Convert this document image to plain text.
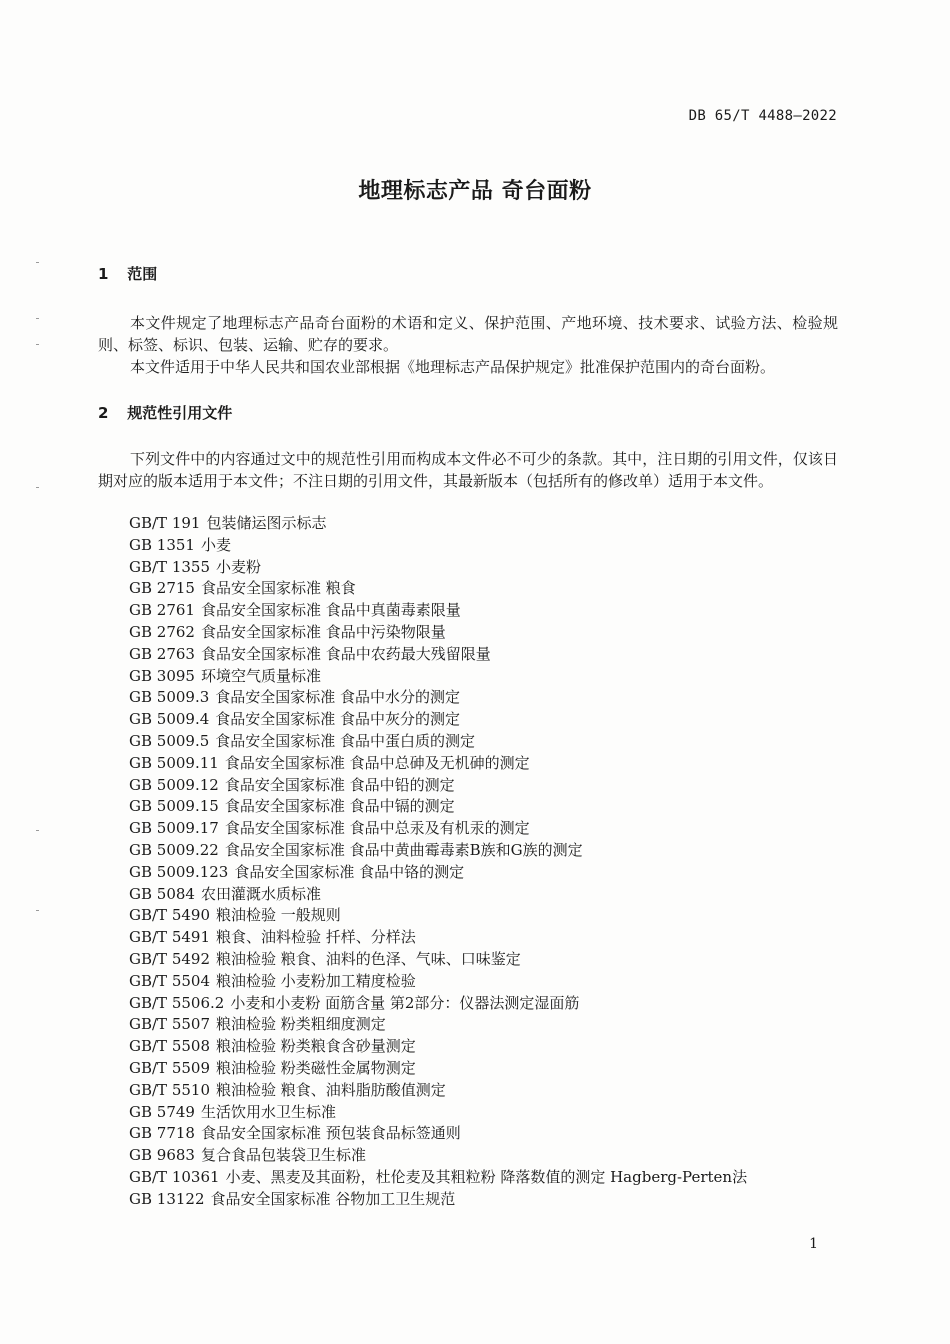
DB 65/T 4488—2022
地理标志产品 奇台面粉
1 范围

本文件规定了地理标志产品奇台面粉的术语和定义、保护范围、产地环境、技术要求、试验方法、检验规则、标签、标识、包装、运输、贮存的要求。

本文件适用于中华人民共和国农业部根据《地理标志产品保护规定》批准保护范围内的奇台面粉。

2 规范性引用文件

下列文件中的内容通过文中的规范性引用而构成本文件必不可少的条款。其中，注日期的引用文件，仅该日期对应的版本适用于本文件；不注日期的引用文件，其最新版本（包括所有的修改单）适用于本文件。

GB/T 191 包装储运图示标志
GB 1351 小麦
GB/T 1355 小麦粉
GB 2715 食品安全国家标准 粮食
GB 2761 食品安全国家标准 食品中真菌毒素限量
GB 2762 食品安全国家标准 食品中污染物限量
GB 2763 食品安全国家标准 食品中农药最大残留限量
GB 3095 环境空气质量标准
GB 5009.3 食品安全国家标准 食品中水分的测定
GB 5009.4 食品安全国家标准 食品中灰分的测定
GB 5009.5 食品安全国家标准 食品中蛋白质的测定
GB 5009.11 食品安全国家标准 食品中总砷及无机砷的测定
GB 5009.12 食品安全国家标准 食品中铅的测定
GB 5009.15 食品安全国家标准 食品中镉的测定
GB 5009.17 食品安全国家标准 食品中总汞及有机汞的测定
GB 5009.22 食品安全国家标准 食品中黄曲霉毒素B族和G族的测定
GB 5009.123 食品安全国家标准 食品中铬的测定
GB 5084 农田灌溉水质标准
GB/T 5490 粮油检验 一般规则
GB/T 5491 粮食、油料检验 扦样、分样法
GB/T 5492 粮油检验 粮食、油料的色泽、气味、口味鉴定
GB/T 5504 粮油检验 小麦粉加工精度检验
GB/T 5506.2 小麦和小麦粉 面筋含量 第2部分：仪器法测定湿面筋
GB/T 5507 粮油检验 粉类粗细度测定
GB/T 5508 粮油检验 粉类粮食含砂量测定
GB/T 5509 粮油检验 粉类磁性金属物测定
GB/T 5510 粮油检验 粮食、油料脂肪酸值测定
GB 5749 生活饮用水卫生标准
GB 7718 食品安全国家标准 预包装食品标签通则
GB 9683 复合食品包装袋卫生标准
GB/T 10361 小麦、黑麦及其面粉，杜伦麦及其粗粒粉 降落数值的测定 Hagberg-Perten法
GB 13122 食品安全国家标准 谷物加工卫生规范
1
